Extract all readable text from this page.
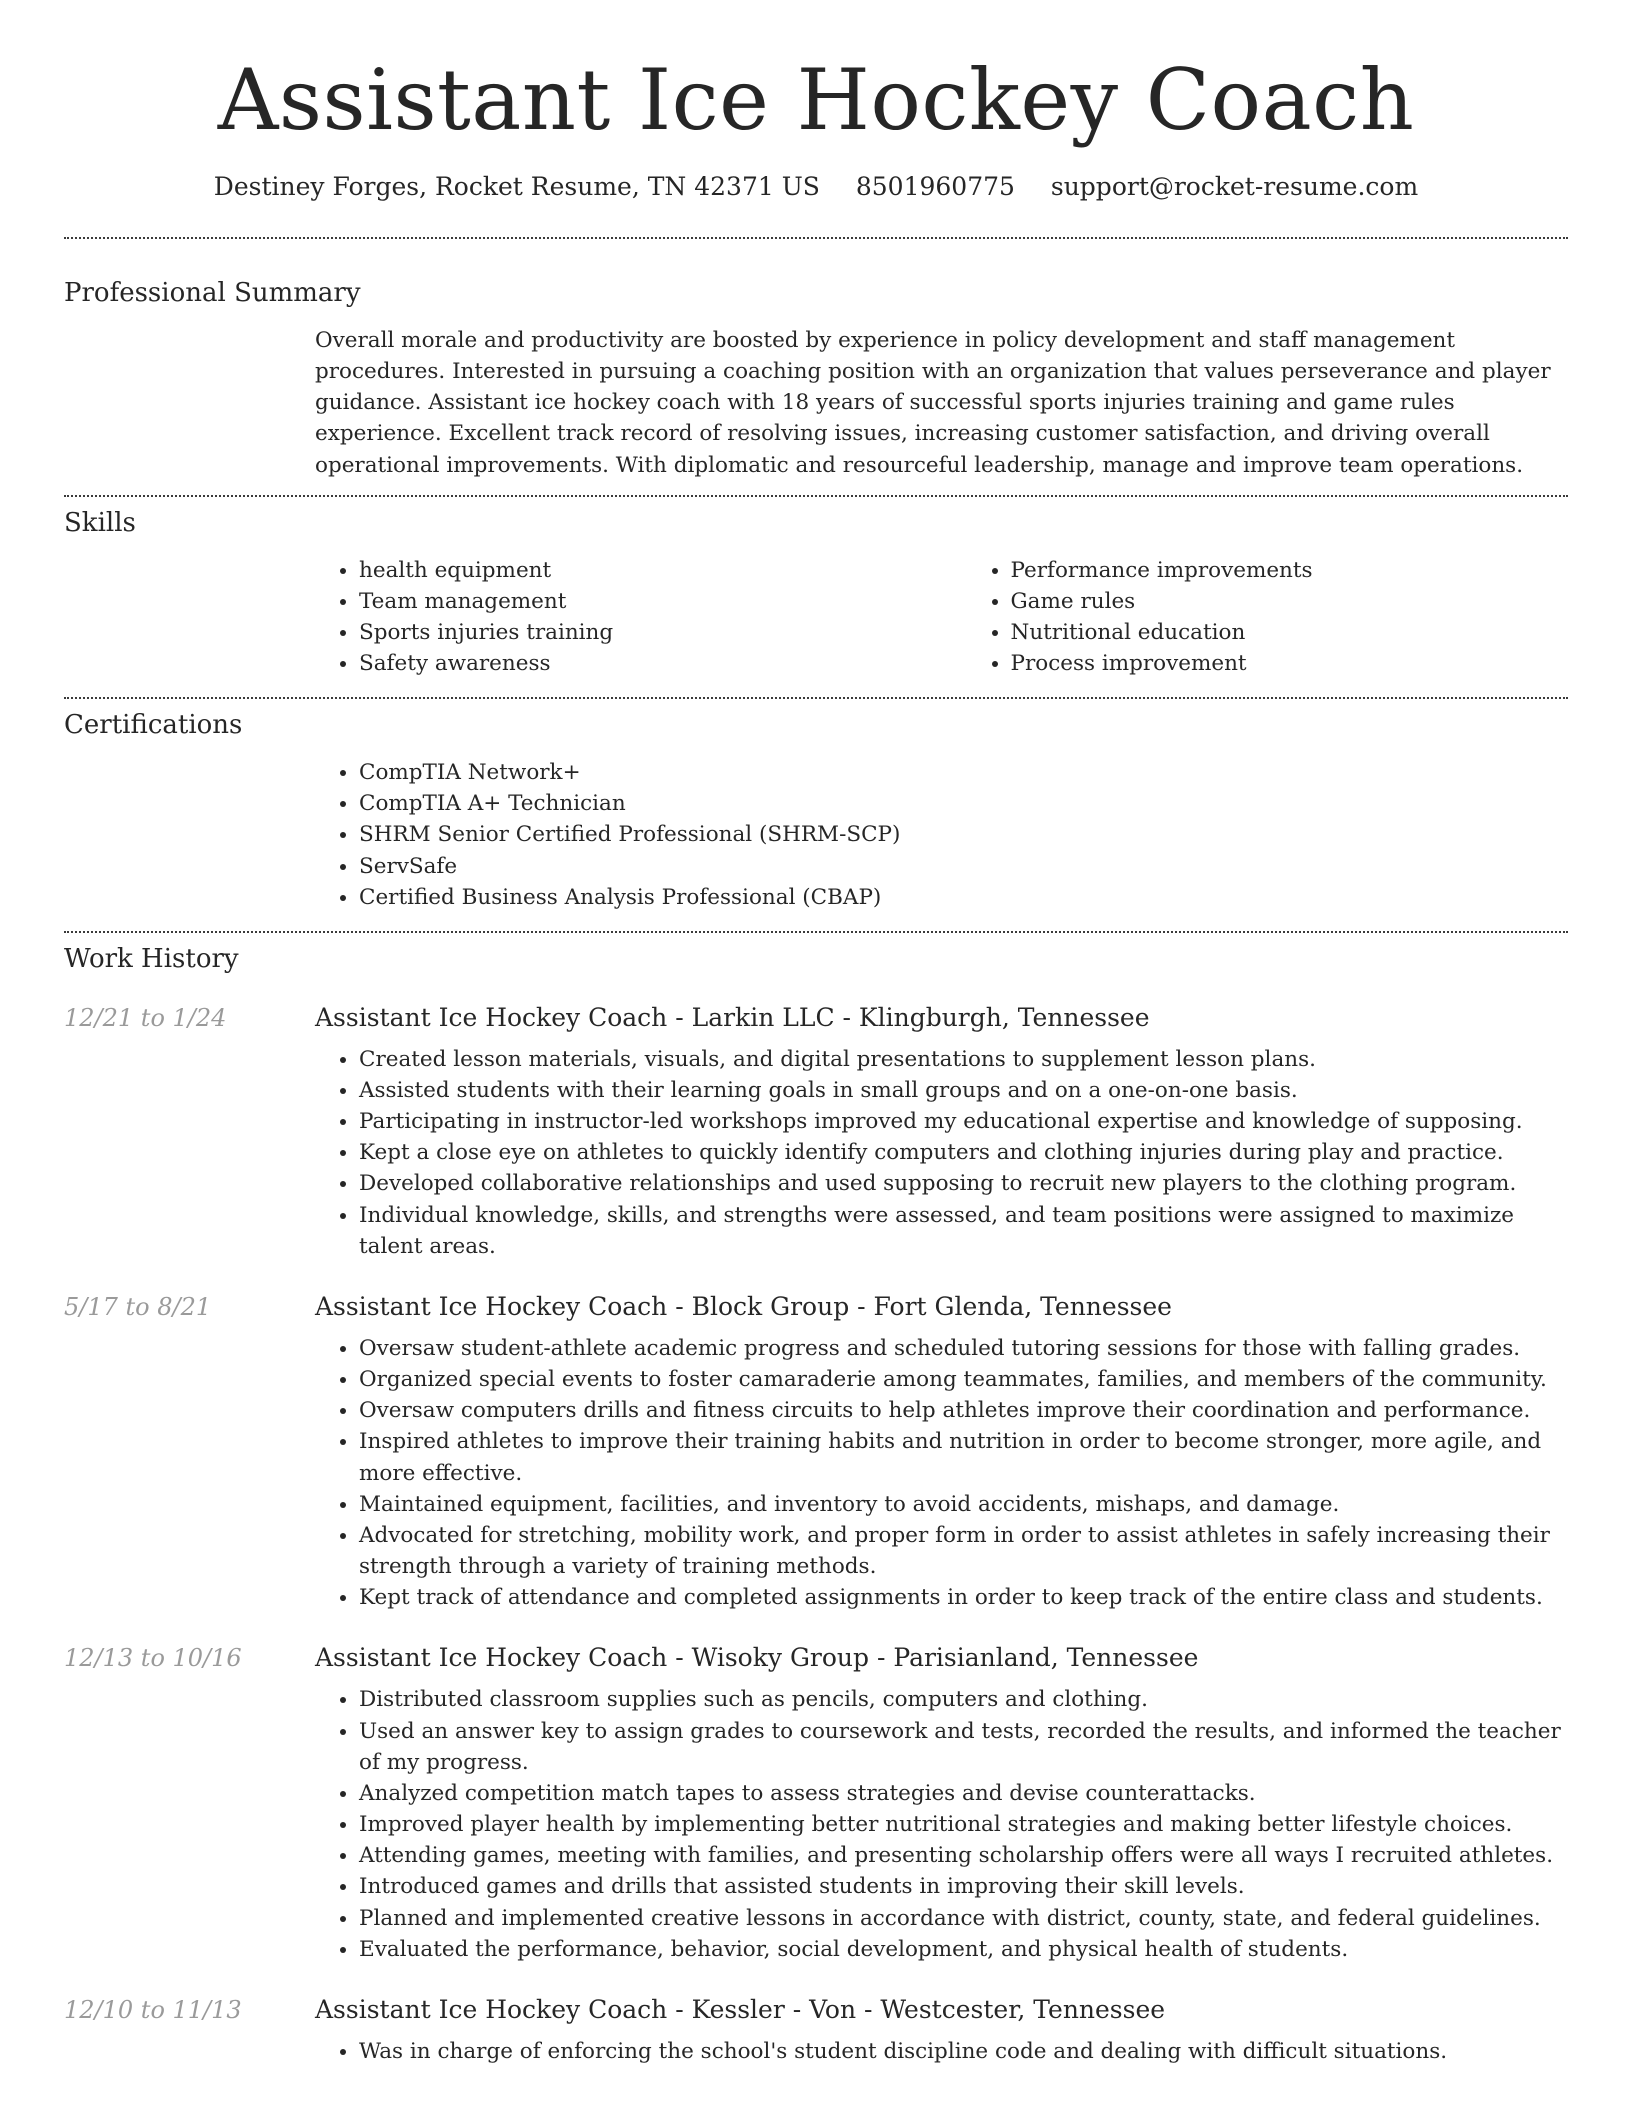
Assistant Ice Hockey Coach
Destiney Forges, Rocket Resume, TN 42371 US 8501960775 support@rocket-resume.com
Professional Summary

Overall morale and productivity are boosted by experience in policy development and staff management procedures. Interested in pursuing a coaching position with an organization that values perseverance and player guidance. Assistant ice hockey coach with 18 years of successful sports injuries training and game rules experience. Excellent track record of resolving issues, increasing customer satisfaction, and driving overall operational improvements. With diplomatic and resourceful leadership, manage and improve team operations.

Skills
• health equipment
• Team management
• Sports injuries training
• Safety awareness
• Performance improvements
• Game rules
• Nutritional education
• Process improvement
Certifications
• CompTIA Network+
• CompTIA A+ Technician
• SHRM Senior Certified Professional (SHRM-SCP)
• ServSafe
• Certified Business Analysis Professional (CBAP)
Work History
12/21 to 1/24	Assistant Ice Hockey Coach - Larkin LLC - Klingburgh, Tennessee
• Created lesson materials, visuals, and digital presentations to supplement lesson plans.
• Assisted students with their learning goals in small groups and on a one-on-one basis.
• Participating in instructor-led workshops improved my educational expertise and knowledge of supposing.
• Kept a close eye on athletes to quickly identify computers and clothing injuries during play and practice.
• Developed collaborative relationships and used supposing to recruit new players to the clothing program.
• Individual knowledge, skills, and strengths were assessed, and team positions were assigned to maximize talent areas.
5/17 to 8/21	Assistant Ice Hockey Coach - Block Group - Fort Glenda, Tennessee
• Oversaw student-athlete academic progress and scheduled tutoring sessions for those with falling grades.
• Organized special events to foster camaraderie among teammates, families, and members of the community.
• Oversaw computers drills and fitness circuits to help athletes improve their coordination and performance.
• Inspired athletes to improve their training habits and nutrition in order to become stronger, more agile, and more effective.
• Maintained equipment, facilities, and inventory to avoid accidents, mishaps, and damage.
• Advocated for stretching, mobility work, and proper form in order to assist athletes in safely increasing their strength through a variety of training methods.
• Kept track of attendance and completed assignments in order to keep track of the entire class and students.
12/13 to 10/16	Assistant Ice Hockey Coach - Wisoky Group - Parisianland, Tennessee
• Distributed classroom supplies such as pencils, computers and clothing.
• Used an answer key to assign grades to coursework and tests, recorded the results, and informed the teacher of my progress.
• Analyzed competition match tapes to assess strategies and devise counterattacks.
• Improved player health by implementing better nutritional strategies and making better lifestyle choices.
• Attending games, meeting with families, and presenting scholarship offers were all ways I recruited athletes.
• Introduced games and drills that assisted students in improving their skill levels.
• Planned and implemented creative lessons in accordance with district, county, state, and federal guidelines.
• Evaluated the performance, behavior, social development, and physical health of students.
12/10 to 11/13	Assistant Ice Hockey Coach - Kessler - Von - Westcester, Tennessee
• Was in charge of enforcing the school's student discipline code and dealing with difficult situations.
